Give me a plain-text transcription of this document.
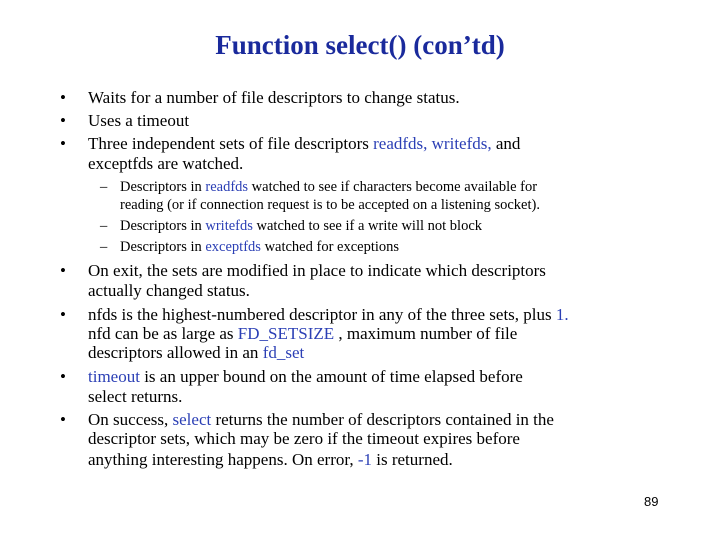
Function select() (con’td)
• Waits for a number of file descriptors to change status.
• Uses a timeout
• Three independent sets of file descriptors readfds, writefds, and
exceptfds are watched.
– Descriptors in readfds watched to see if characters become available for
reading (or if connection request is to be accepted on a listening socket).
– Descriptors in writefds watched to see if a write will not block
– Descriptors in exceptfds watched for exceptions
• On exit, the sets are modified in place to indicate which descriptors
actually changed status.
• nfds is the highest-numbered descriptor in any of the three sets, plus 1.
nfd can be as large as FD_SETSIZE , maximum number of file
descriptors allowed in an fd_set
• timeout is an upper bound on the amount of time elapsed before
select returns.
• On success, select returns the number of descriptors contained in the
descriptor sets, which may be zero if the timeout expires before
anything interesting happens. On error, -1 is returned.
89
